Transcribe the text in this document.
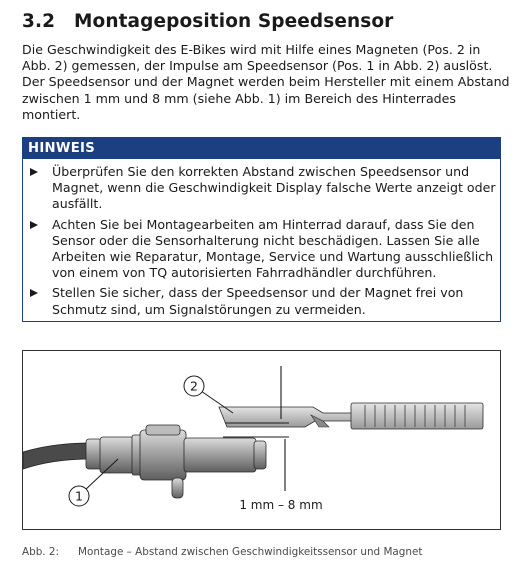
3.2 Montageposition Speedsensor
Die Geschwindigkeit des E-Bikes wird mit Hilfe eines Magneten (Pos. 2 in
Abb. 2) gemessen, der Impulse am Speedsensor (Pos. 1 in Abb. 2) auslöst.
Der Speedsensor und der Magnet werden beim Hersteller mit einem Abstand
zwischen 1 mm und 8 mm (siehe Abb. 1) im Bereich des Hinterrades montiert.
HINWEIS
Überprüfen Sie den korrekten Abstand zwischen Speedsensor und
Magnet, wenn die Geschwindigkeit Display falsche Werte anzeigt oder
ausfällt.
Achten Sie bei Montagearbeiten am Hinterrad darauf, dass Sie den
Sensor oder die Sensorhalterung nicht beschädigen. Lassen Sie alle
Arbeiten wie Reparatur, Montage, Service und Wartung ausschließlich
von einem von TQ autorisierten Fahrradhändler durchführen.
Stellen Sie sicher, dass der Speedsensor und der Magnet frei von
Schmutz sind, um Signalstörungen zu vermeiden.
2
1
1 mm – 8 mm
Abb. 2: Montage – Abstand zwischen Geschwindigkeitssensor und Magnet
